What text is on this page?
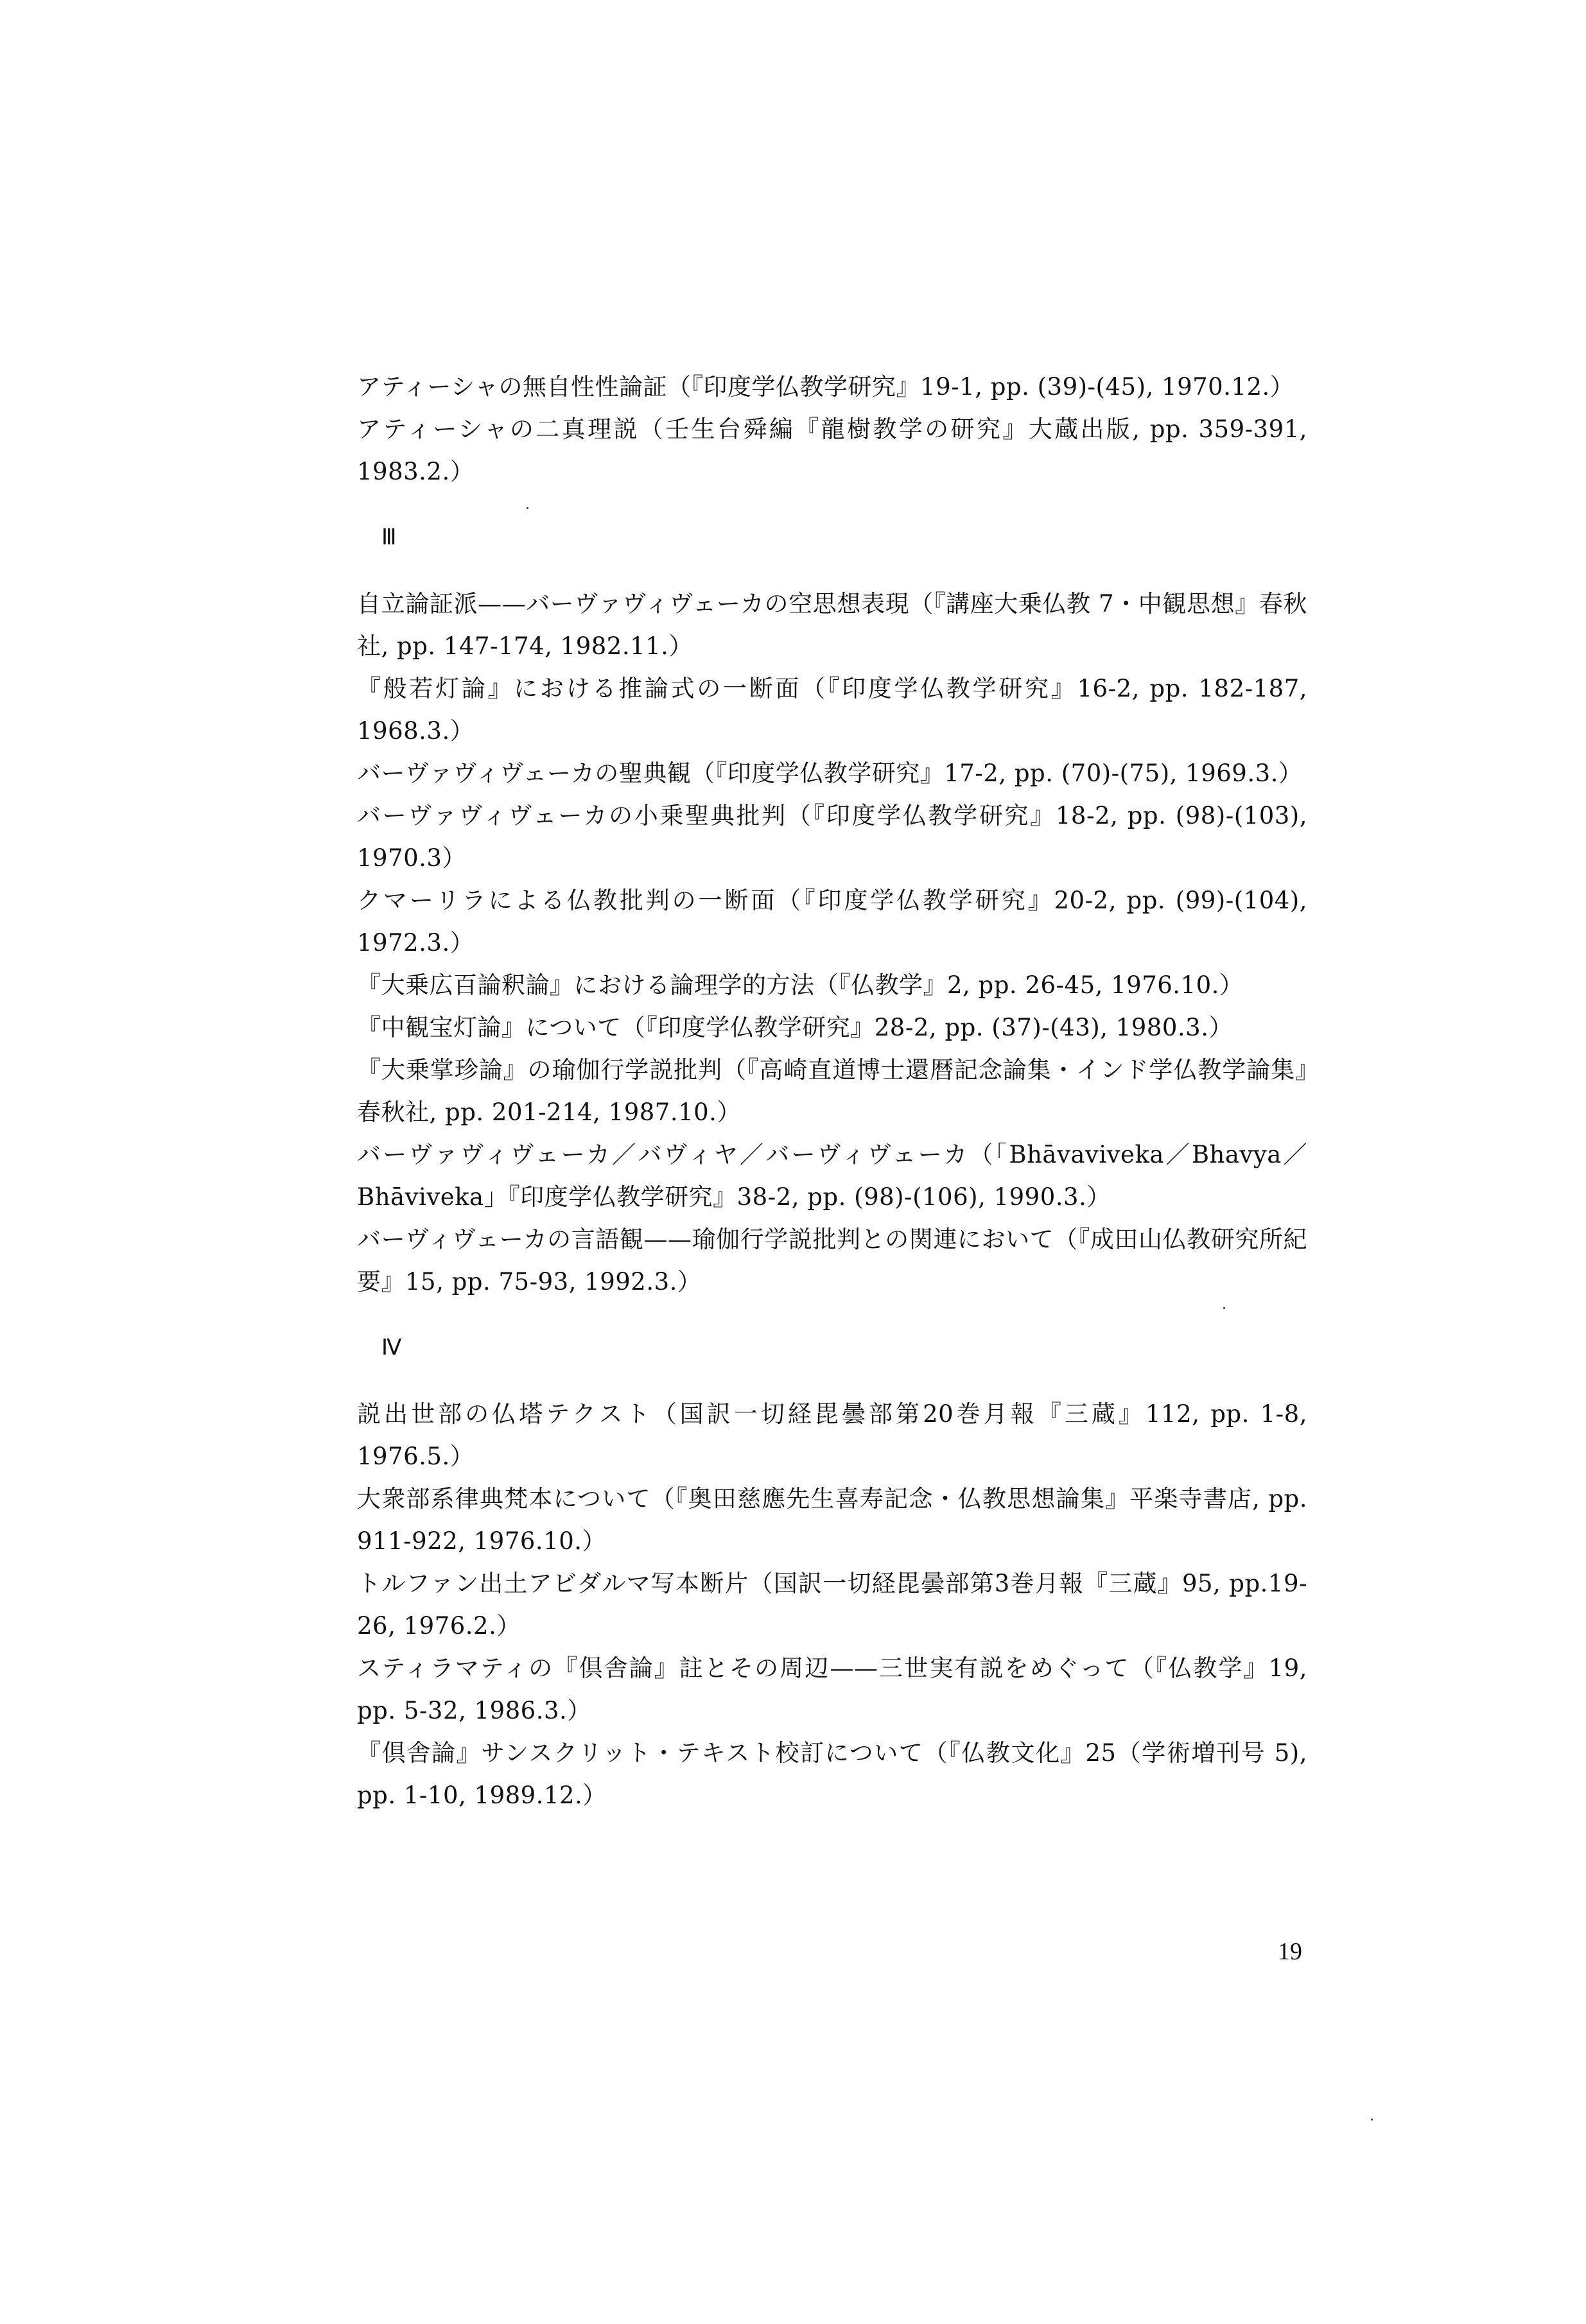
アティーシャの無自性性論証（『印度学仏教学研究』19-1, pp. (39)-(45), 1970.12.）

アティーシャの二真理説（壬生台舜編『龍樹教学の研究』大蔵出版, pp. 359-391, 1983.2.）

Ⅲ

自立論証派——バーヴァヴィヴェーカの空思想表現（『講座大乗仏教 7・中観思想』春秋社, pp. 147-174, 1982.11.）

『般若灯論』における推論式の一断面（『印度学仏教学研究』16-2, pp. 182-187, 1968.3.）

バーヴァヴィヴェーカの聖典観（『印度学仏教学研究』17-2, pp. (70)-(75), 1969.3.）

バーヴァヴィヴェーカの小乗聖典批判（『印度学仏教学研究』18-2, pp. (98)-(103), 1970.3）

クマーリラによる仏教批判の一断面（『印度学仏教学研究』20-2, pp. (99)-(104), 1972.3.）

『大乗広百論釈論』における論理学的方法（『仏教学』2, pp. 26-45, 1976.10.）

『中観宝灯論』について（『印度学仏教学研究』28-2, pp. (37)-(43), 1980.3.）

『大乗掌珍論』の瑜伽行学説批判（『高崎直道博士還暦記念論集・インド学仏教学論集』春秋社, pp. 201-214, 1987.10.）

バーヴァヴィヴェーカ／バヴィヤ／バーヴィヴェーカ（「Bhāvaviveka／Bhavya／Bhāviveka」『印度学仏教学研究』38-2, pp. (98)-(106), 1990.3.）

バーヴィヴェーカの言語観——瑜伽行学説批判との関連において（『成田山仏教研究所紀要』15, pp. 75-93, 1992.3.）

Ⅳ

説出世部の仏塔テクスト（国訳一切経毘曇部第20巻月報『三蔵』112, pp. 1-8, 1976.5.）

大衆部系律典梵本について（『奥田慈應先生喜寿記念・仏教思想論集』平楽寺書店, pp. 911-922, 1976.10.）

トルファン出土アビダルマ写本断片（国訳一切経毘曇部第3巻月報『三蔵』95, pp.19-26, 1976.2.）

スティラマティの『倶舎論』註とその周辺——三世実有説をめぐって（『仏教学』19, pp. 5-32, 1986.3.）

『倶舎論』サンスクリット・テキスト校訂について（『仏教文化』25（学術増刊号 5), pp. 1-10, 1989.12.）

19
